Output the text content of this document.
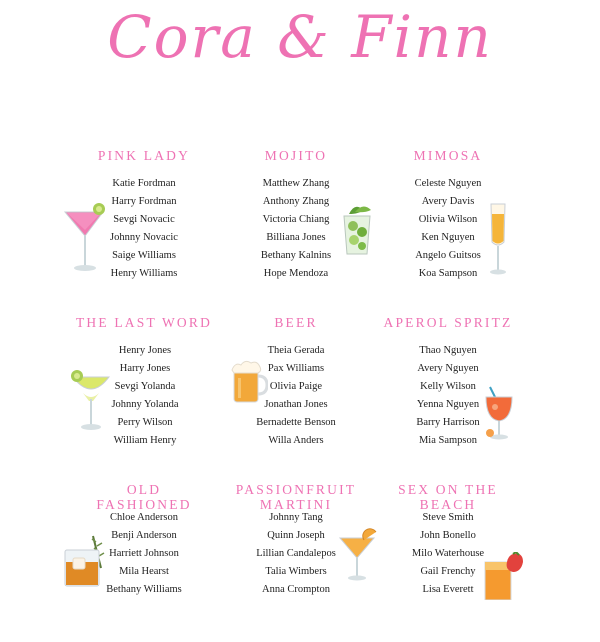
Cora & Finn
PINK LADY
Katie Fordman
Harry Fordman
Sevgi Novacic
Johnny Novacic
Saige Williams
Henry Williams
MOJITO
Matthew Zhang
Anthony Zhang
Victoria Chiang
Billiana Jones
Bethany Kalnins
Hope Mendoza
MIMOSA
Celeste Nguyen
Avery Davis
Olivia Wilson
Ken Nguyen
Angelo Guitsos
Koa Sampson
THE LAST WORD
Henry Jones
Harry Jones
Sevgi Yolanda
Johnny Yolanda
Perry Wilson
William Henry
BEER
Theia Gerada
Pax Williams
Olivia Paige
Jonathan Jones
Bernadette Benson
Willa Anders
APEROL SPRITZ
Thao Nguyen
Avery Nguyen
Kelly Wilson
Yenna Nguyen
Barry Harrison
Mia Sampson
OLD
FASHIONED
Chloe Anderson
Benji Anderson
Harriett Johnson
Mila Hearst
Bethany Williams
PASSIONFRUIT
MARTINI
Johnny Tang
Quinn Joseph
Lillian Candalepos
Talia Wimbers
Anna Crompton
SEX ON THE
BEACH
Steve Smith
John Bonello
Milo Waterhouse
Gail Frenchy
Lisa Everett
